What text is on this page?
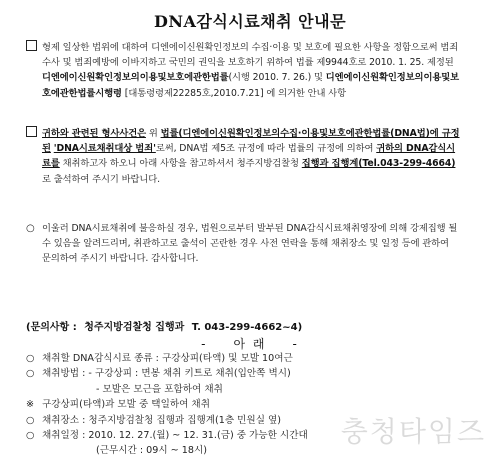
DNA감식시료채취 안내문
형제 일상한 법위에 대하여 디엔에이신원확인정보의 수집·이용 및 보호에 필요한 사항을 정함으로써 범죄수사 및 범죄예방에 이바지하고 국민의 권익을 보호하기 위하여 법률 제9944호로 2010. 1. 25. 제정된 디엔에이신원확인정보의이용및보호에관한법률(시행 2010. 7. 26.) 및 디엔에이신원확인정보의이용및보호에관한법률시행령 [대통령령제22285호,2010.7.21] 에 의거한 안내 사항
귀하와 관련된 형사사건은 위 법률(디엔에이신원확인정보의수집·이용및보호에관한법률(DNA법)에 규정된 'DNA시료채취대상 범죄'로써, DNA법 제5조 규정에 따라 법률의 규정에 의하여 귀하의 DNA감식시료를 채취하고자 하오니 아래 사항을 참고하셔서 청주지방검찰청 집행과 집행계(Tel.043-299-4664)로 출석하여 주시기 바랍니다.
○ 이울러 DNA시료채취에 불응하실 경우, 법원으로부터 발부된 DNA감식시료채취영장에 의해 강제집행 될 수 있음을 알려드리며, 취관하고로 출석이 곤란한 경우 사전 연락을 통해 채취장소 및 일정 등에 관하여 문의하여 주시기 바랍니다. 감사합니다.
(문의사항 : 청주지방검찰청 집행과 T. 043-299-4662~4)
- 아 래 -
○ 채취할 DNA감식시료 종류 : 구강상피(타액) 및 모발 10여근
○ 채취방법 : - 구강상피 : 면봉 채취 키트로 채취(입안쪽 벽시)
- 모발은 모근을 포함하여 채취
※ 구강상피(타액)과 모발 중 택일하여 채취
○ 채취장소 : 청주지방검찰청 집행과 집행계(1층 민원실 옆)
○ 채취일정 : 2010. 12. 27.(월) ~ 12. 31.(금) 중 가능한 시간대
(근무시간 : 09시 ~ 18시)
충청타임즈
